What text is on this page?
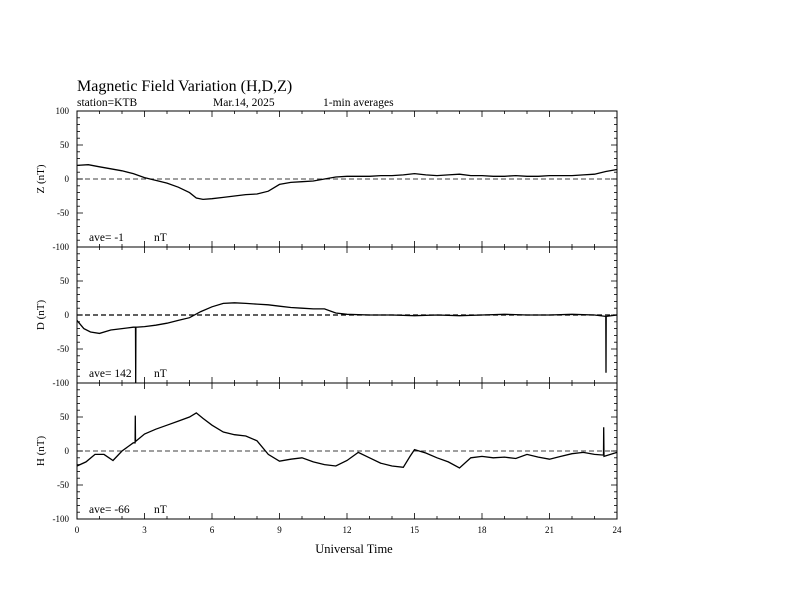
Magnetic Field Variation (H,D,Z)
station=KTB	Mar.14, 2025	1-min averages
100
50
0
-50
-100
Z (nT)
ave= -1	nT
50
0
-50
-100
D (nT)
ave= 142 nT
50
0
-50
-100
H (nT)
ave= -66 nT
0	3	6	9	12	15	18	21	24
Universal Time
